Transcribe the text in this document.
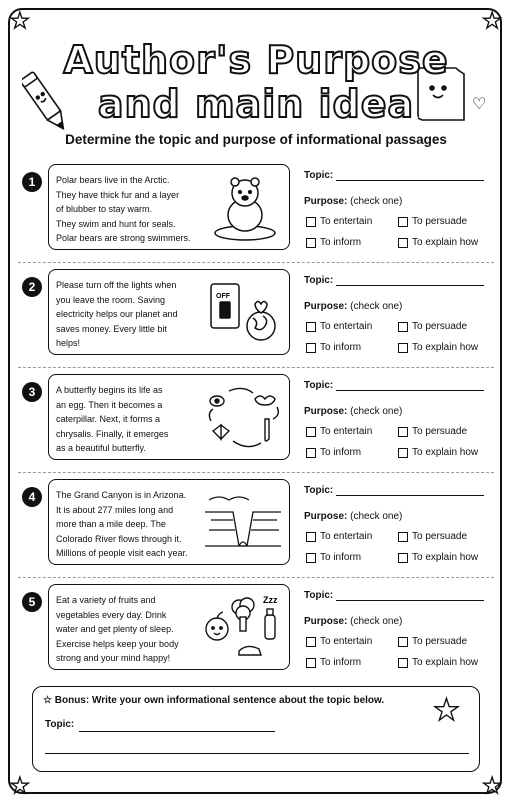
★	★
★	★
♡
Author's Purpose
and main idea
Determine the topic and purpose of informational passages
1	Polar bears live in the Arctic.
They have thick fur and a layer
of blubber to stay warm.
They swim and hunt for seals.
Polar bears are strong swimmers.
Topic:
Purpose: (check one)
To entertain	To persuade
To inform	To explain how
2	Please turn off the lights when
you leave the room. Saving
electricity helps our planet and
saves money. Every little bit
helps!
OFF
Topic:
Purpose: (check one)
To entertain	To persuade
To inform	To explain how
3	A butterfly begins its life as
an egg. Then it becomes a
caterpillar. Next, it forms a
chrysalis. Finally, it emerges
as a beautiful butterfly.
Topic:
Purpose: (check one)
To entertain	To persuade
To inform	To explain how
4	The Grand Canyon is in Arizona.
It is about 277 miles long and
more than a mile deep. The
Colorado River flows through it.
Millions of people visit each year.
Topic:
Purpose: (check one)
To entertain	To persuade
To inform	To explain how
5	Eat a variety of fruits and
vegetables every day. Drink
water and get plenty of sleep.
Exercise helps keep your body
strong and your mind happy!
Zzz	Topic:
Purpose: (check one)
To entertain	To persuade
To inform	To explain how
☆ Bonus: Write your own informational sentence about the topic below.
Topic:	★
